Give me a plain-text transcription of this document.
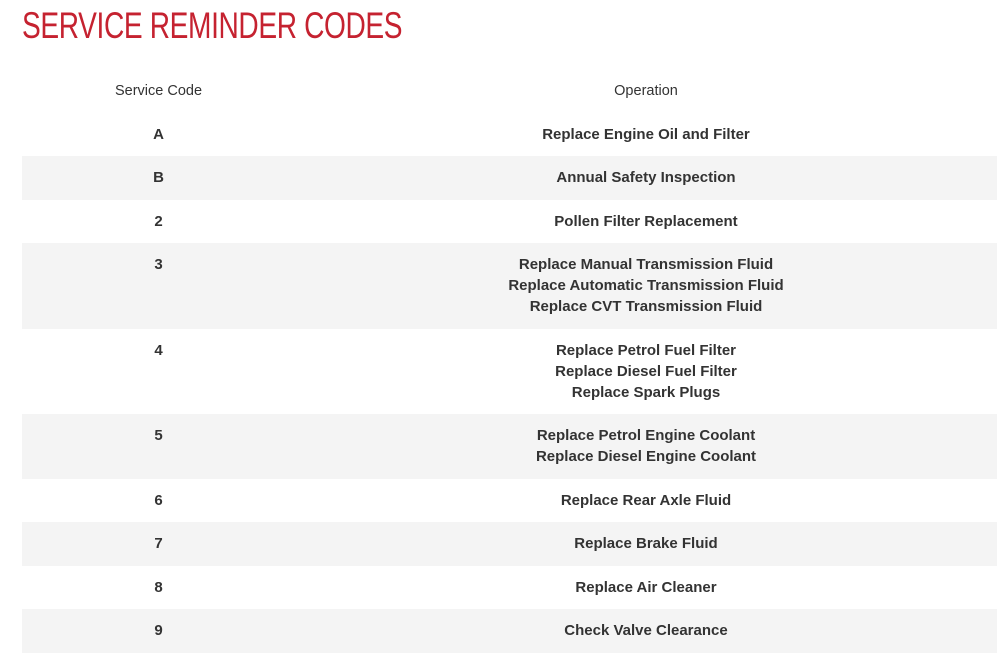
SERVICE REMINDER CODES
Service Code	Operation
A	Replace Engine Oil and Filter
B	Annual Safety Inspection
2	Pollen Filter Replacement
3	Replace Manual Transmission Fluid
Replace Automatic Transmission Fluid
Replace CVT Transmission Fluid
4	Replace Petrol Fuel Filter
Replace Diesel Fuel Filter
Replace Spark Plugs
5	Replace Petrol Engine Coolant
Replace Diesel Engine Coolant
6	Replace Rear Axle Fluid
7	Replace Brake Fluid
8	Replace Air Cleaner
9	Check Valve Clearance
